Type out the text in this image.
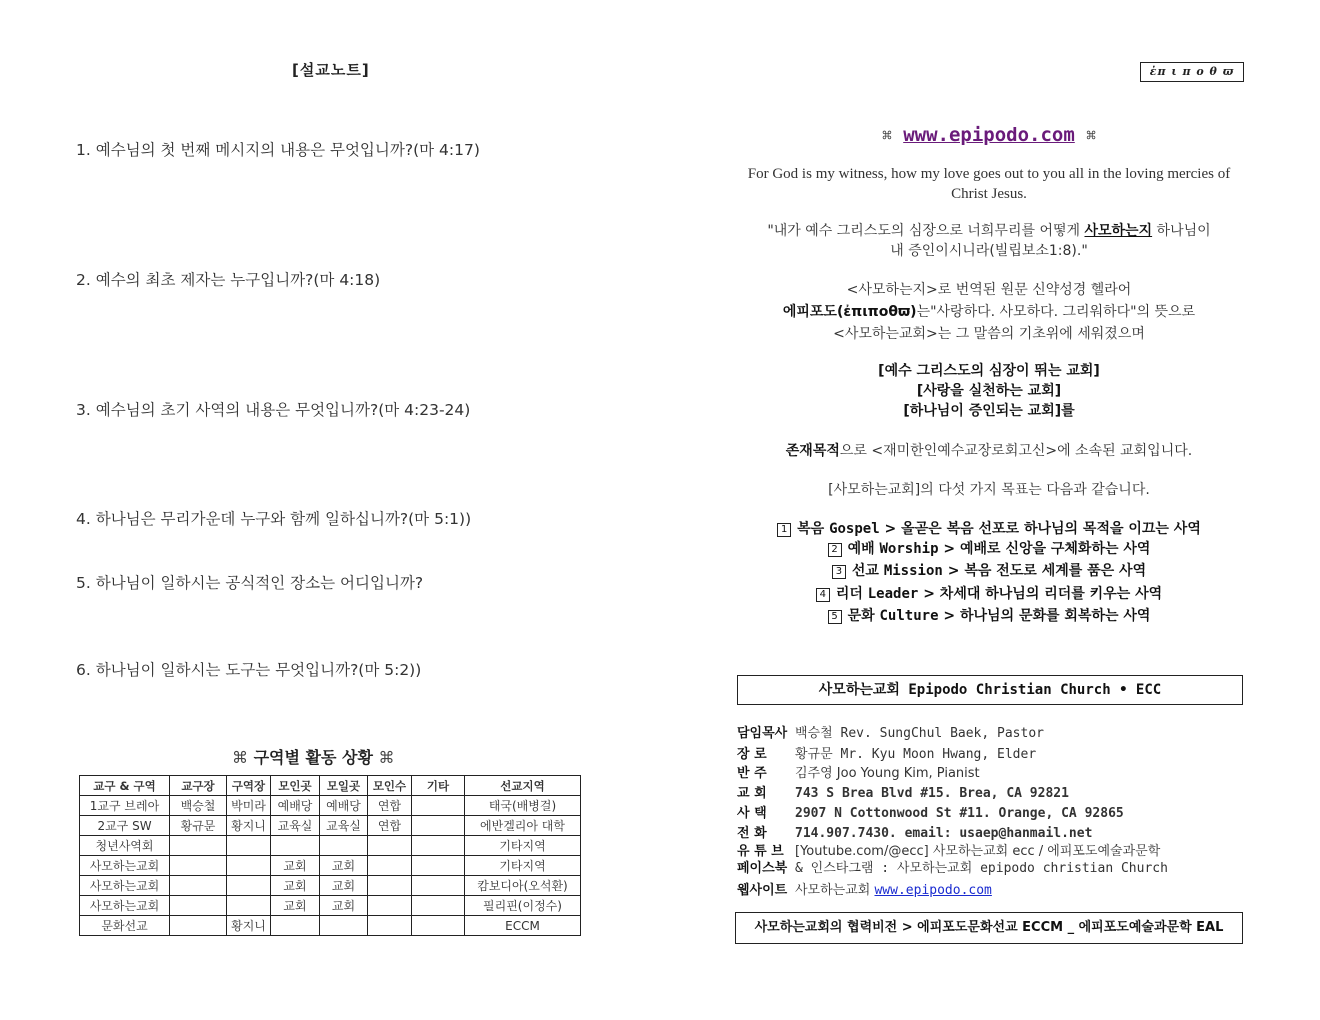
[설교노트]
1. 예수님의 첫 번째 메시지의 내용은 무엇입니까?(마 4:17)
2. 예수의 최초 제자는 누구입니까?(마 4:18)
3. 예수님의 초기 사역의 내용은 무엇입니까?(마 4:23-24)
4. 하나님은 무리가운데 누구와 함께 일하십니까?(마 5:1))
5. 하나님이 일하시는 공식적인 장소는 어디입니까?
6. 하나님이 일하시는 도구는 무엇입니까?(마 5:2))
⌘ 구역별 활동 상황 ⌘
교구 & 구역	교구장	구역장	모인곳	모일곳	모인수	기타	선교지역
1교구 브레아	백승철	박미라	예배당	예배당	연합		태국(배병걸)
2교구 SW	황규문	황지니	교육실	교육실	연합		에반겔리아 대학
청년사역회							기타지역
사모하는교회			교회	교회			기타지역
사모하는교회			교회	교회			캄보디아(오석환)
사모하는교회			교회	교회			필리핀(이정수)
문화선교		황지니					ECCM
ἐπ ι π ο θ ϖ
⌘ www.epipodo.com ⌘
For God is my witness, how my love goes out to you all in the loving mercies of Christ Jesus.
"내가 예수 그리스도의 심장으로 너희무리를 어떻게 사모하는지 하나님이
내 증인이시니라(빌립보소1:8)."
<사모하는지>로 번역된 원문 신약성경 헬라어
에피포도(ἐπιποθϖ)는"사랑하다. 사모하다. 그리워하다"의 뜻으로
<사모하는교회>는 그 말씀의 기초위에 세워졌으며
[예수 그리스도의 심장이 뛰는 교회]
[사랑을 실천하는 교회]
[하나님이 증인되는 교회]를
존재목적으로 <재미한인예수교장로회고신>에 소속된 교회입니다.
[사모하는교회]의 다섯 가지 목표는 다음과 같습니다.
1 복음 Gospel > 올곧은 복음 선포로 하나님의 목적을 이끄는 사역
2 예배 Worship > 예배로 신앙을 구체화하는 사역
3 선교 Mission > 복음 전도로 세계를 품은 사역
4 리더 Leader > 차세대 하나님의 리더를 키우는 사역
5 문화 Culture > 하나님의 문화를 회복하는 사역
사모하는교회 Epipodo Christian Church • ECC
담임목사 백승철 Rev. SungChul Baek, Pastor
장 로 황규문 Mr. Kyu Moon Hwang, Elder
반 주 김주영 Joo Young Kim, Pianist
교 회 743 S Brea Blvd #15. Brea, CA 92821
사 택 2907 N Cottonwood St #11. Orange, CA 92865
전 화 714.907.7430. email: usaep@hanmail.net
유 튜 브 [Youtube.com/@ecc] 사모하는교회 ecc / 에피포도예술과문학
페이스북 & 인스타그램 : 사모하는교회 epipodo christian Church
웹사이트 사모하는교회 www.epipodo.com
사모하는교회의 협력비전 > 에피포도문화선교 ECCM _ 에피포도예술과문학 EAL
